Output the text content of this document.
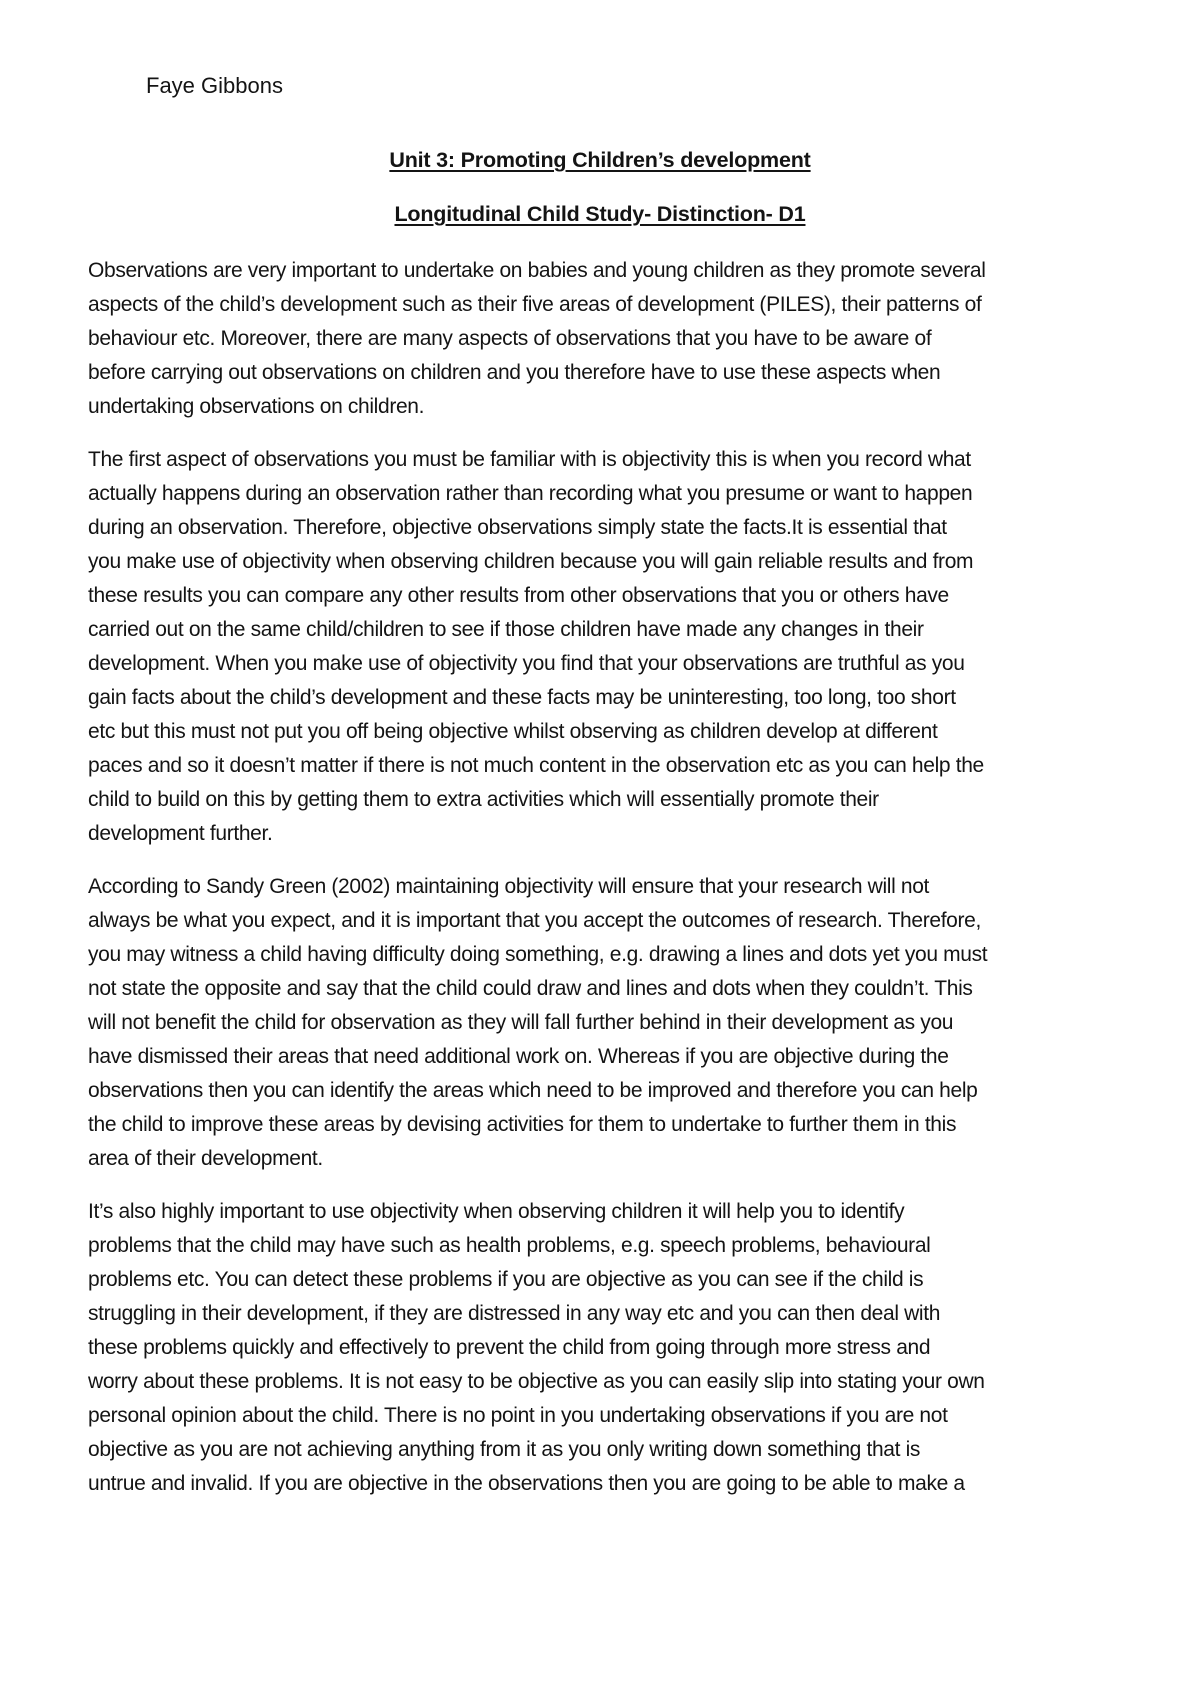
Faye Gibbons
Unit 3: Promoting Children’s development
Longitudinal Child Study- Distinction- D1
Observations are very important to undertake on babies and young children as they promote several
aspects of the child’s development such as their five areas of development (PILES), their patterns of
behaviour etc. Moreover, there are many aspects of observations that you have to be aware of
before carrying out observations on children and you therefore have to use these aspects when
undertaking observations on children.
The first aspect of observations you must be familiar with is objectivity this is when you record what
actually happens during an observation rather than recording what you presume or want to happen
during an observation. Therefore, objective observations simply state the facts.It is essential that
you make use of objectivity when observing children because you will gain reliable results and from
these results you can compare any other results from other observations that you or others have
carried out on the same child/children to see if those children have made any changes in their
development. When you make use of objectivity you find that your observations are truthful as you
gain facts about the child’s development and these facts may be uninteresting, too long, too short
etc but this must not put you off being objective whilst observing as children develop at different
paces and so it doesn’t matter if there is not much content in the observation etc as you can help the
child to build on this by getting them to extra activities which will essentially promote their
development further.
According to Sandy Green (2002) maintaining objectivity will ensure that your research will not
always be what you expect, and it is important that you accept the outcomes of research. Therefore,
you may witness a child having difficulty doing something, e.g. drawing a lines and dots yet you must
not state the opposite and say that the child could draw and lines and dots when they couldn’t. This
will not benefit the child for observation as they will fall further behind in their development as you
have dismissed their areas that need additional work on. Whereas if you are objective during the
observations then you can identify the areas which need to be improved and therefore you can help
the child to improve these areas by devising activities for them to undertake to further them in this
area of their development.
It’s also highly important to use objectivity when observing children it will help you to identify
problems that the child may have such as health problems, e.g. speech problems, behavioural
problems etc. You can detect these problems if you are objective as you can see if the child is
struggling in their development, if they are distressed in any way etc and you can then deal with
these problems quickly and effectively to prevent the child from going through more stress and
worry about these problems. It is not easy to be objective as you can easily slip into stating your own
personal opinion about the child. There is no point in you undertaking observations if you are not
objective as you are not achieving anything from it as you only writing down something that is
untrue and invalid. If you are objective in the observations then you are going to be able to make a
